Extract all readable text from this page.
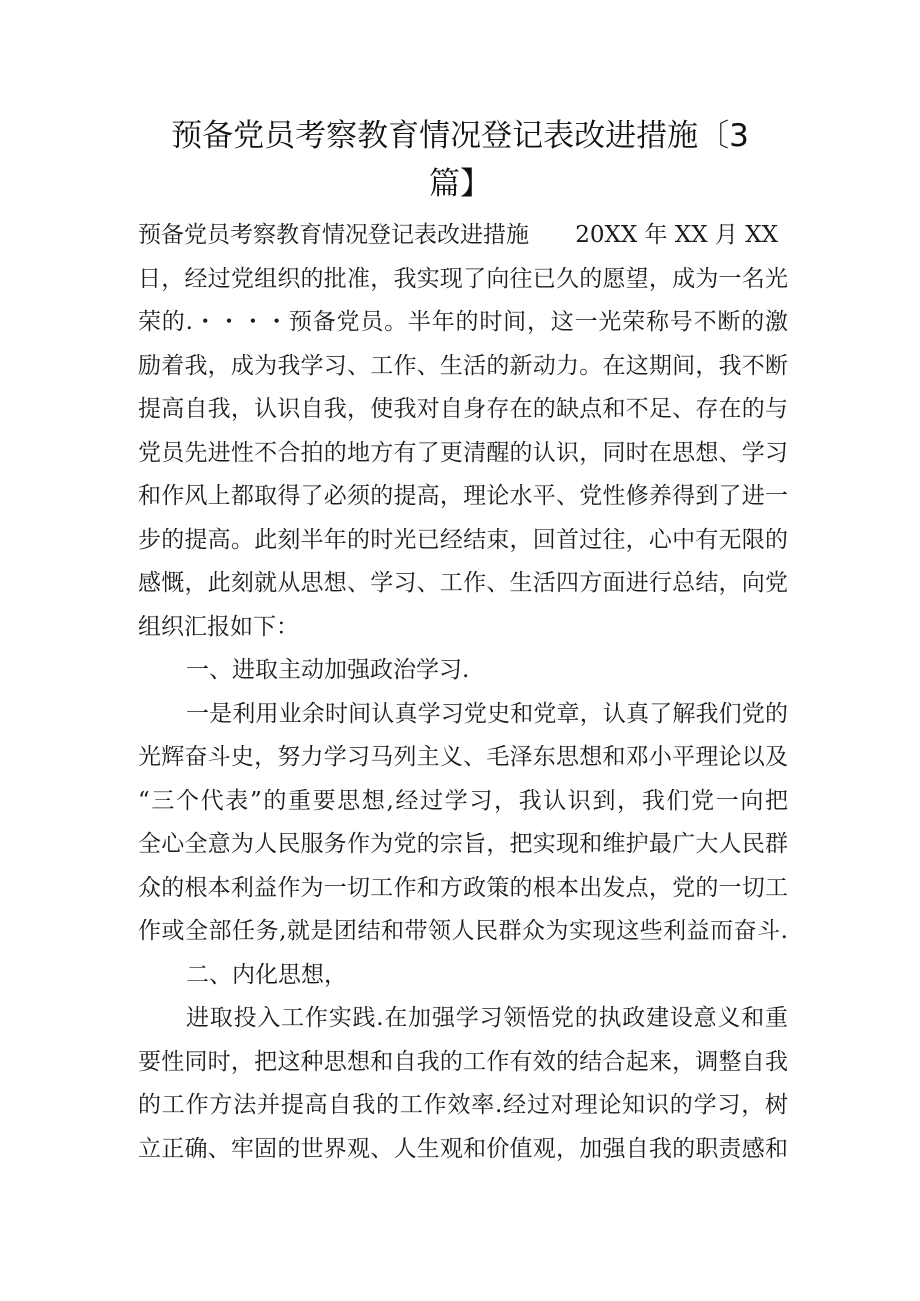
预备党员考察教育情况登记表改进措施〔3
篇】
预备党员考察教育情况登记表改进措施 20XX 年 XX 月 XX
日，经过党组织的批准，我实现了向往已久的愿望，成为一名光
荣的.・・・・预备党员。半年的时间，这一光荣称号不断的激
励着我，成为我学习、工作、生活的新动力。在这期间，我不断
提高自我，认识自我，使我对自身存在的缺点和不足、存在的与
党员先进性不合拍的地方有了更清醒的认识，同时在思想、学习
和作风上都取得了必须的提高，理论水平、党性修养得到了进一
步的提高。此刻半年的时光已经结束，回首过往，心中有无限的
感慨，此刻就从思想、学习、工作、生活四方面进行总结，向党
组织汇报如下：
一、进取主动加强政治学习.
一是利用业余时间认真学习党史和党章，认真了解我们党的
光辉奋斗史，努力学习马列主义、毛泽东思想和邓小平理论以及
“三个代表”的重要思想,经过学习，我认识到，我们党一向把
全心全意为人民服务作为党的宗旨，把实现和维护最广大人民群
众的根本利益作为一切工作和方政策的根本出发点，党的一切工
作或全部任务,就是团结和带领人民群众为实现这些利益而奋斗.
二、内化思想，
进取投入工作实践.在加强学习领悟党的执政建设意义和重
要性同时，把这种思想和自我的工作有效的结合起来，调整自我
的工作方法并提高自我的工作效率.经过对理论知识的学习，树
立正确、牢固的世界观、人生观和价值观，加强自我的职责感和
